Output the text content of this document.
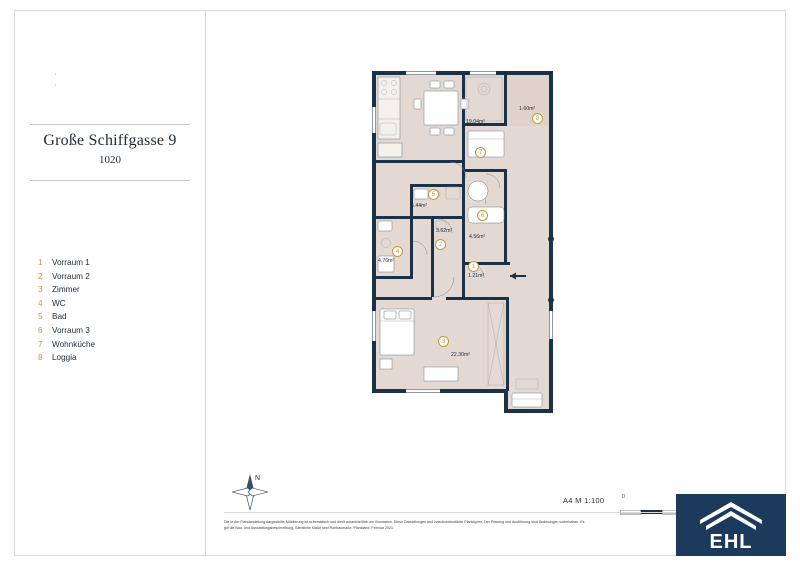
'
'
Große Schiffgasse 9
1020
1	Vorraum 1
2	Vorraum 2
3	Zimmer
4	WC
5	Bad
6	Vorraum 3
7	Wohnküche
8	Loggia
19.04m²
1.60m²
5.44m²
3.62m²
4.56m²
4.76m²
1.21m²
22.30m²
7
5
6
2
4
1
3
8
N
A4 M 1:100	0
Die in der Plandarstellung dargestellte Möblierung ist schematisch und dient ausschließlich zur Illustration. Diese Darstellungen und zweckverbindliche Planköpien. Der Planung und Ausführung sind Änderungen vorbehalten. Es
gilt die Bau- und Ausstattungsbeschreibung. Sämtliche Maße sind Rohbaumaße. Planstand: Februar 2021
EHL
